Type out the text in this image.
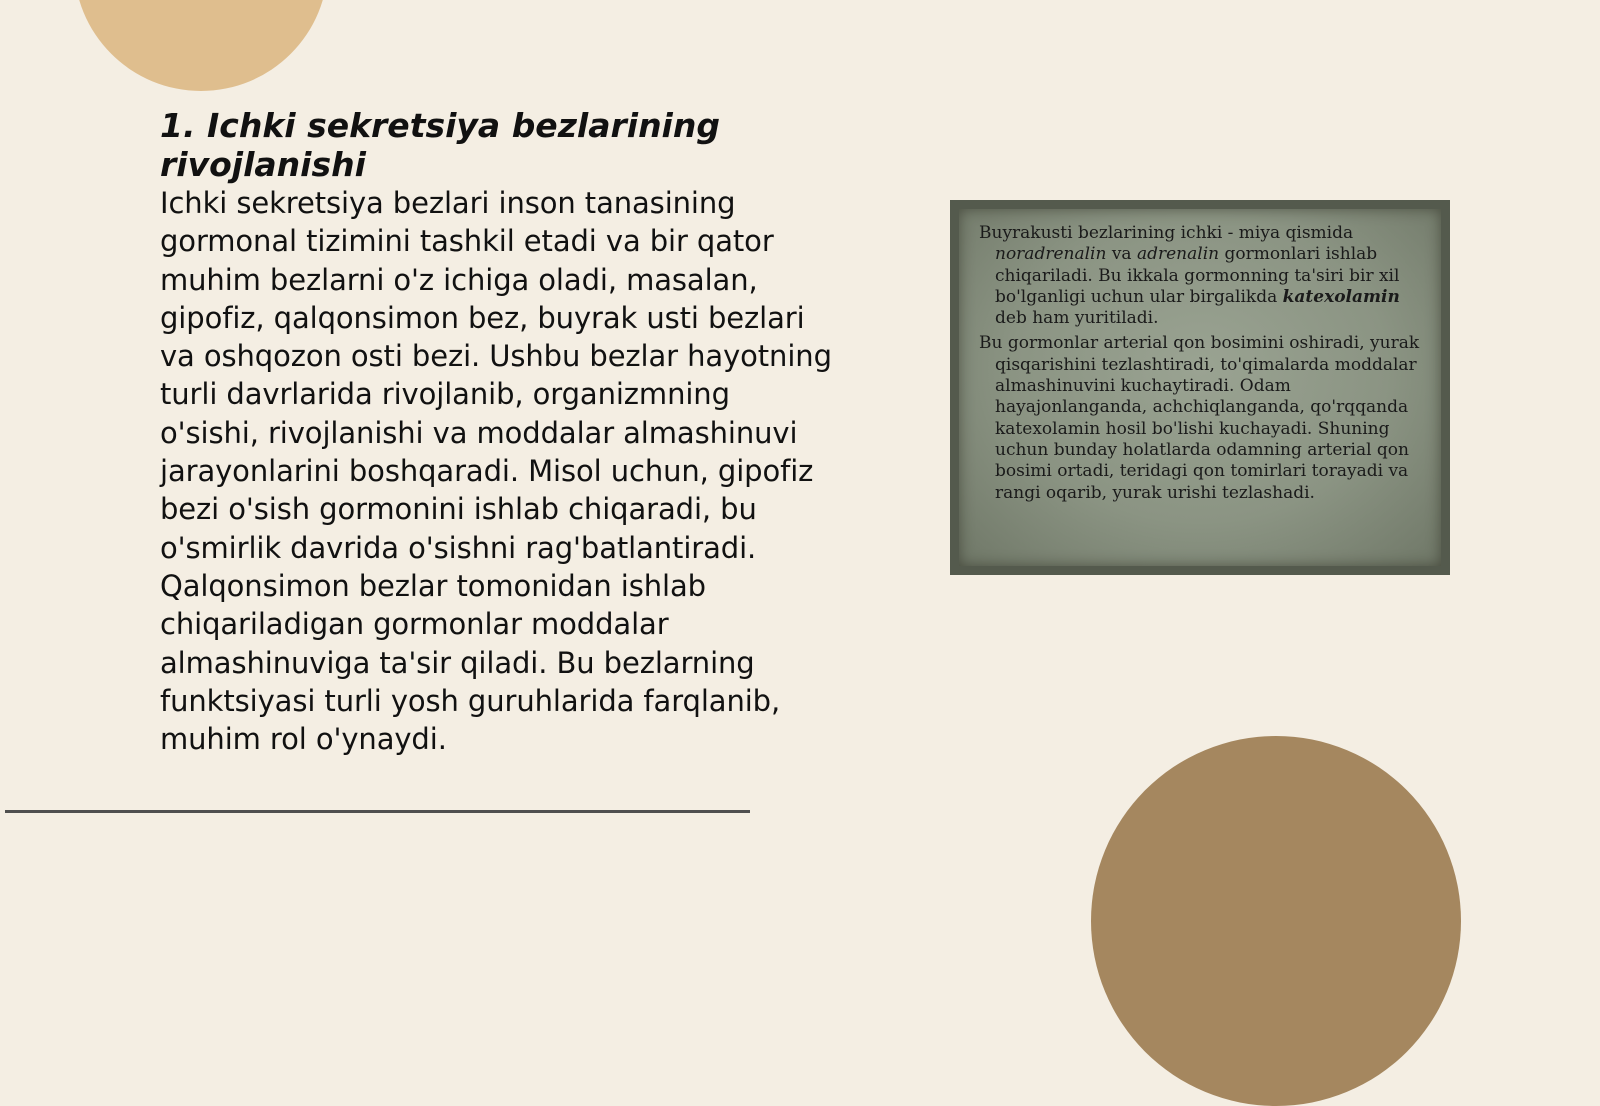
1. Ichki sekretsiya bezlarining rivojlanishi

Ichki sekretsiya bezlari inson tanasining gormonal tizimini tashkil etadi va bir qator muhim bezlarni o'z ichiga oladi, masalan, gipofiz, qalqonsimon bez, buyrak usti bezlari va oshqozon osti bezi. Ushbu bezlar hayotning turli davrlarida rivojlanib, organizmning o'sishi, rivojlanishi va moddalar almashinuvi jarayonlarini boshqaradi. Misol uchun, gipofiz bezi o'sish gormonini ishlab chiqaradi, bu o'smirlik davrida o'sishni rag'batlantiradi. Qalqonsimon bezlar tomonidan ishlab chiqariladigan gormonlar moddalar almashinuviga ta'sir qiladi. Bu bezlarning funktsiyasi turli yosh guruhlarida farqlanib, muhim rol o'ynaydi.

Buyrakusti bezlarining ichki - miya qismida noradrenalin va adrenalin gormonlari ishlab chiqariladi. Bu ikkala gormonning ta'siri bir xil bo'lganligi uchun ular birgalikda katexolamin deb ham yuritiladi.

Bu gormonlar arterial qon bosimini oshiradi, yurak qisqarishini tezlashtiradi, to'qimalarda moddalar almashinuvini kuchaytiradi. Odam hayajonlanganda, achchiqlanganda, qo'rqqanda katexolamin hosil bo'lishi kuchayadi. Shuning uchun bunday holatlarda odamning arterial qon bosimi ortadi, teridagi qon tomirlari torayadi va rangi oqarib, yurak urishi tezlashadi.
